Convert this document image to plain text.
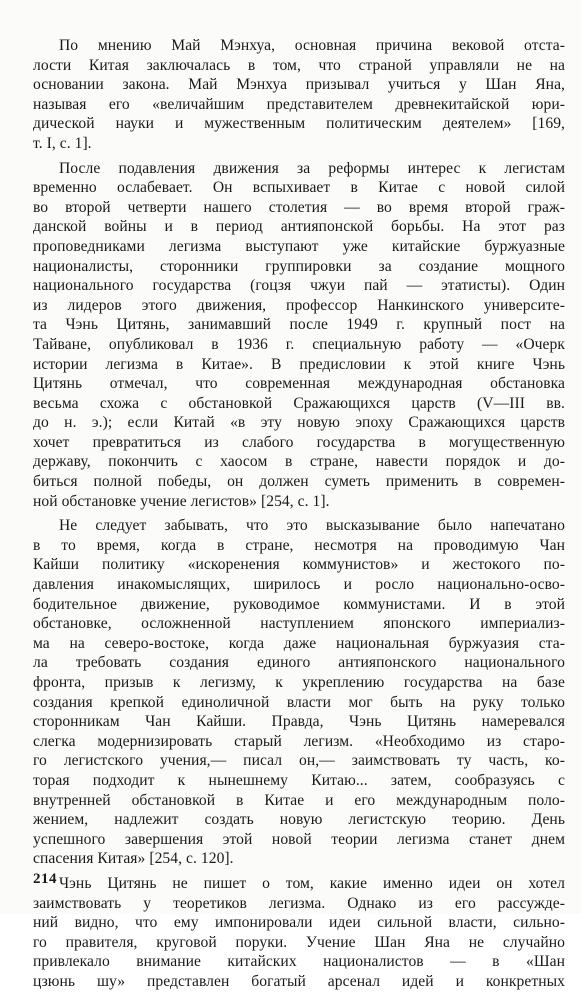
По мнению Май Мэнхуа, основная причина вековой отста-
лости Китая заключалась в том, что страной управляли не на
основании закона. Май Мэнхуа призывал учиться у Шан Яна,
называя его «величайшим представителем древнекитайской юри-
дической науки и мужественным политическим деятелем» [169,
т. I, с. 1].

После подавления движения за реформы интерес к легистам
временно ослабевает. Он вспыхивает в Китае с новой силой
во второй четверти нашего столетия — во время второй граж-
данской войны и в период антияпонской борьбы. На этот раз
проповедниками легизма выступают уже китайские буржуазные
националисты, сторонники группировки за создание мощного
национального государства (гоцзя чжуи пай — этатисты). Один
из лидеров этого движения, профессор Нанкинского университе-
та Чэнь Цитянь, занимавший после 1949 г. крупный пост на
Тайване, опубликовал в 1936 г. специальную работу — «Очерк
истории легизма в Китае». В предисловии к этой книге Чэнь
Цитянь отмечал, что современная международная обстановка
весьма схожа с обстановкой Сражающихся царств (V—III вв.
до н. э.); если Китай «в эту новую эпоху Сражающихся царств
хочет превратиться из слабого государства в могущественную
державу, покончить с хаосом в стране, навести порядок и до-
биться полной победы, он должен суметь применить в современ-
ной обстановке учение легистов» [254, с. 1].

Не следует забывать, что это высказывание было напечатано
в то время, когда в стране, несмотря на проводимую Чан
Кайши политику «искоренения коммунистов» и жестокого по-
давления инакомыслящих, ширилось и росло национально-осво-
бодительное движение, руководимое коммунистами. И в этой
обстановке, осложненной наступлением японского империализ-
ма на северо-востоке, когда даже национальная буржуазия ста-
ла требовать создания единого антияпонского национального
фронта, призыв к легизму, к укреплению государства на базе
создания крепкой единоличной власти мог быть на руку только
сторонникам Чан Кайши. Правда, Чэнь Цитянь намеревался
слегка модернизировать старый легизм. «Необходимо из старо-
го легистского учения,— писал он,— заимствовать ту часть, ко-
торая подходит к нынешнему Китаю... затем, сообразуясь с
внутренней обстановкой в Китае и его международным поло-
жением, надлежит создать новую легистскую теорию. День
успешного завершения этой новой теории легизма станет днем
спасения Китая» [254, с. 120].

Чэнь Цитянь не пишет о том, какие именно идеи он хотел
заимствовать у теоретиков легизма. Однако из его рассужде-
ний видно, что ему импонировали идеи сильной власти, сильно-
го правителя, круговой поруки. Учение Шан Яна не случайно
привлекало внимание китайских националистов — в «Шан
цзюнь шу» представлен богатый арсенал идей и конкретных

214
